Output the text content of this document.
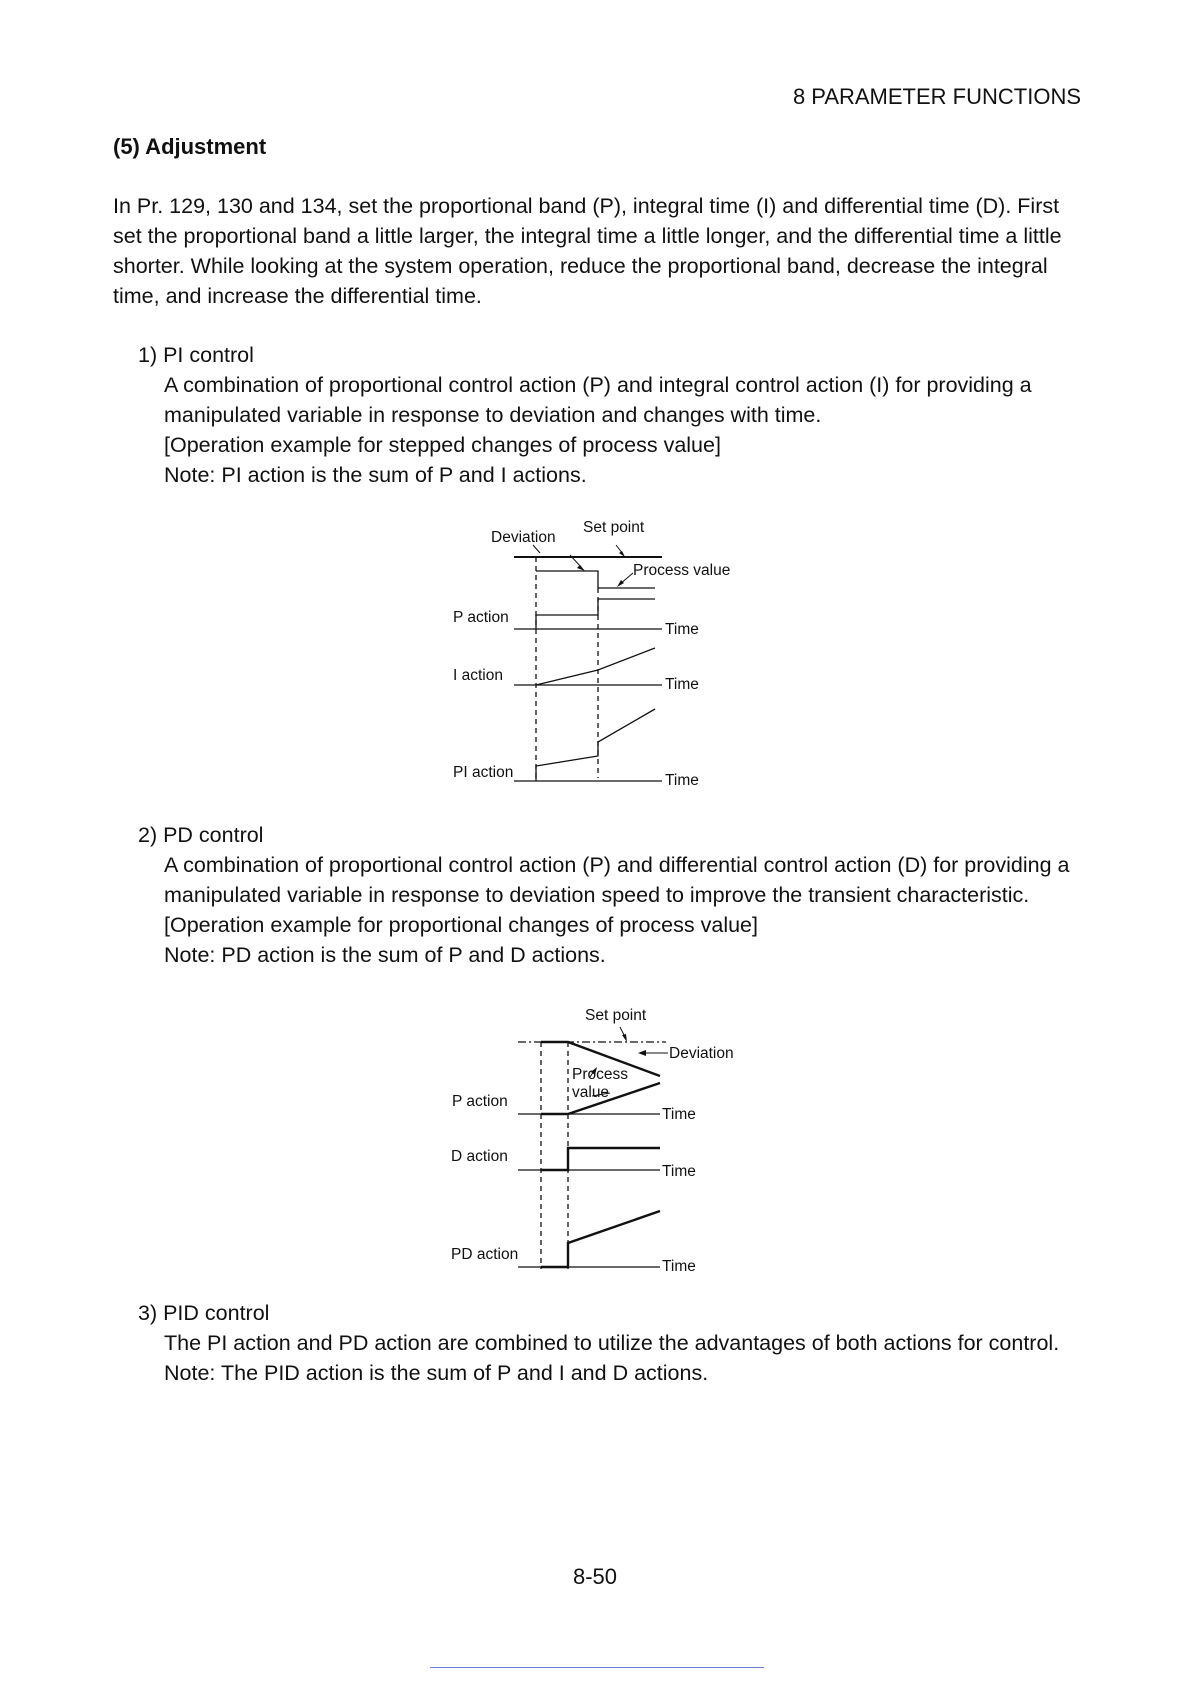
8 PARAMETER FUNCTIONS
(5) Adjustment

In Pr. 129, 130 and 134, set the proportional band (P), integral time (I) and differential time (D). First set the proportional band a little larger, the integral time a little longer, and the differential time a little shorter. While looking at the system operation, reduce the proportional band, decrease the integral time, and increase the differential time.

1) PI control

A combination of proportional control action (P) and integral control action (I) for providing a manipulated variable in response to deviation and changes with time.
[Operation example for stepped changes of process value]
Note: PI action is the sum of P and I actions.

Deviation
Set point
Process value
P action
Time
I action
Time
PI action	Time
2) PD control

A combination of proportional control action (P) and differential control action (D) for providing a manipulated variable in response to deviation speed to improve the transient characteristic.
[Operation example for proportional changes of process value]
Note: PD action is the sum of P and D actions.

Set point
Deviation
Process
value
P action
Time
D action
Time
PD action
Time
3) PID control

The PI action and PD action are combined to utilize the advantages of both actions for control.
Note: The PID action is the sum of P and I and D actions.

8-50
